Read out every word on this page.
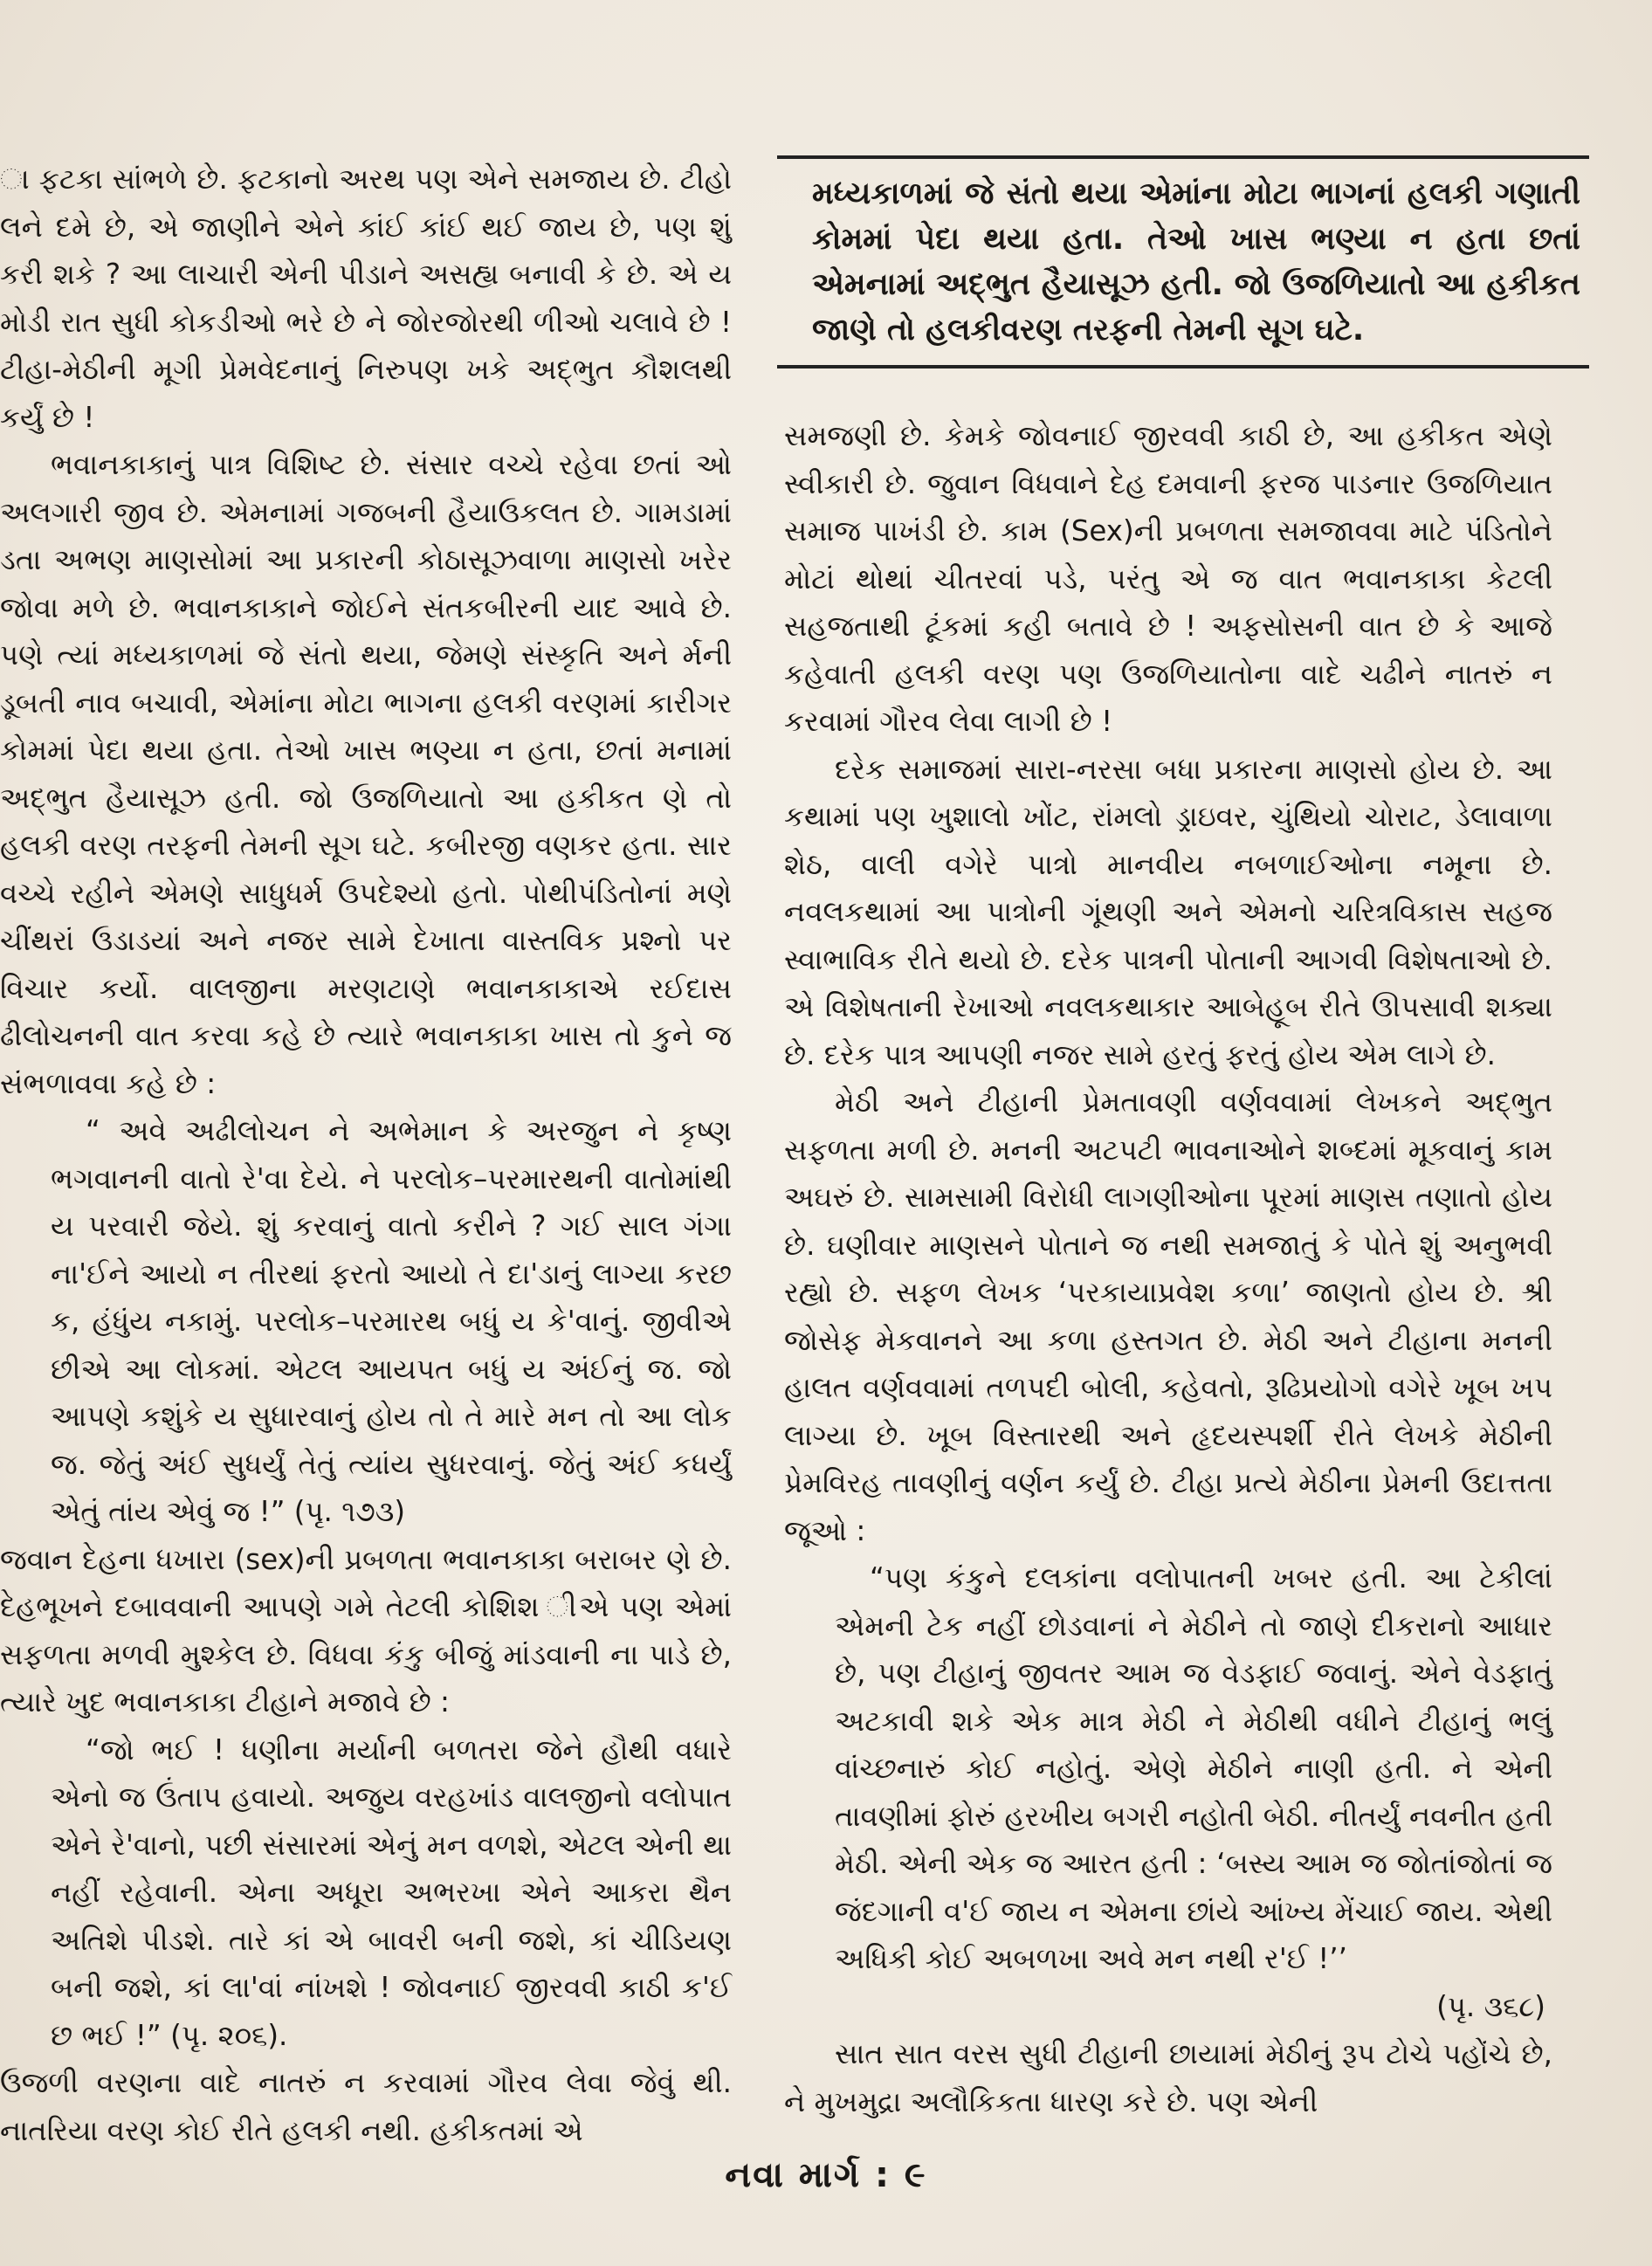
ા ફટકા સાંભળે છે. ફટકાનો અરથ પણ એને સમજાય છે. ટીહો લને દમે છે, એ જાણીને એને કાંઈ કાંઈ થઈ જાય છે, પણ શું કરી શકે ? આ લાચારી એની પીડાને અસહ્ય બનાવી કે છે. એ ય મોડી રાત સુધી કોકડીઓ ભરે છે ને જોરજોરથી ળીઓ ચલાવે છે ! ટીહા-મેઠીની મૂગી પ્રેમવેદનાનું નિરુપણ ખકે અદ્ભુત કૌશલથી કર્યું છે !

ભવાનકાકાનું પાત્ર વિશિષ્ટ છે. સંસાર વચ્ચે રહેવા છતાં ઓ અલગારી જીવ છે. એમનામાં ગજબની હૈયાઉકલત છે. ગામડામાં ડતા અભણ માણસોમાં આ પ્રકારની કોઠાસૂઝવાળા માણસો ખરેર જોવા મળે છે. ભવાનકાકાને જોઈને સંતકબીરની યાદ આવે છે. પણે ત્યાં મધ્યકાળમાં જે સંતો થયા, જેમણે સંસ્કૃતિ અને ર્મની ડૂબતી નાવ બચાવી, એમાંના મોટા ભાગના હલકી વરણમાં કારીગર કોમમાં પેદા થયા હતા. તેઓ ખાસ ભણ્યા ન હતા, છતાં મનામાં અદ્ભુત હૈયાસૂઝ હતી. જો ઉજળિયાતો આ હકીકત ણે તો હલકી વરણ તરફની તેમની સૂગ ઘટે. કબીરજી વણકર હતા. સાર વચ્ચે રહીને એમણે સાધુધર્મ ઉપદેશ્યો હતો. પોથીપંડિતોનાં મણે ચીંથરાં ઉડાડયાં અને નજર સામે દેખાતા વાસ્તવિક પ્રશ્નો પર વિચાર કર્યો. વાલજીના મરણટાણે ભવાનકાકાએ રઈદાસ ઢીલોચનની વાત કરવા કહે છે ત્યારે ભવાનકાકા ખાસ તો કુને જ સંભળાવવા કહે છે :

“ અવે અઢીલોચન ને અભેમાન કે અરજુન ને કૃષ્ણ ભગવાનની વાતો રે'વા દેયે. ને પરલોક–પરમારથની વાતોમાંથી ય પરવારી જેયે. શું કરવાનું વાતો કરીને ? ગઈ સાલ ગંગા ના'ઈને આયો ન તીરથાં ફરતો આયો તે દા'ડાનું લાગ્યા કરછ ક, હંધુંય નકામું. પરલોક–પરમારથ બધું ય કે'વાનું. જીવીએ છીએ આ લોકમાં. એટલ આયપત બધું ય અંઈનું જ. જો આપણે કશુંકે ય સુધારવાનું હોય તો તે મારે મન તો આ લોક જ. જેતું અંઈ સુધર્યું તેતું ત્યાંય સુધરવાનું. જેતું અંઈ કધર્યું એતું તાંય એવું જ !” (પૃ. ૧૭૩)

જવાન દેહના ધખારા (sex)ની પ્રબળતા ભવાનકાકા બરાબર ણે છે. દેહભૂખને દબાવવાની આપણે ગમે તેટલી કોશિશ ીએ પણ એમાં સફળતા મળવી મુશ્કેલ છે. વિધવા કંકુ બીજું માંડવાની ના પાડે છે, ત્યારે ખુદ ભવાનકાકા ટીહાને મજાવે છે :

“જો ભઈ ! ધણીના મર્યાની બળતરા જેને હૌથી વધારે એનો જ ઉંતાપ હવાયો. અજુય વરહખાંડ વાલજીનો વલોપાત એને રે'વાનો, પછી સંસારમાં એનું મન વળશે, એટલ એની થા નહીં રહેવાની. એના અધૂરા અભરખા એને આકરા થૈન અતિશે પીડશે. તારે કાં એ બાવરી બની જશે, કાં ચીડિયણ બની જશે, કાં લા'વાં નાંખશે ! જોવનાઈ જીરવવી કાઠી ક'ઈ છ ભઈ !” (પૃ. ૨૦૬).

ઉજળી વરણના વાદે નાતરું ન કરવામાં ગૌરવ લેવા જેવું થી. નાતરિયા વરણ કોઈ રીતે હલકી નથી. હકીકતમાં એ

મધ્યકાળમાં જે સંતો થયા એમાંના મોટા ભાગનાં હલકી ગણાતી કોમમાં પેદા થયા હતા. તેઓ ખાસ ભણ્યા ન હતા છતાં એમનામાં અદ્ભુત હૈયાસૂઝ હતી. જો ઉજળિયાતો આ હકીકત જાણે તો હલકીવરણ તરફની તેમની સૂગ ઘટે.

સમજણી છે. કેમકે જોવનાઈ જીરવવી કાઠી છે, આ હકીકત એણે સ્વીકારી છે. જુવાન વિધવાને દેહ દમવાની ફરજ પાડનાર ઉજળિયાત સમાજ પાખંડી છે. કામ (Sex)ની પ્રબળતા સમજાવવા માટે પંડિતોને મોટાં થોથાં ચીતરવાં પડે, પરંતુ એ જ વાત ભવાનકાકા કેટલી સહજતાથી ટૂંકમાં કહી બતાવે છે ! અફસોસની વાત છે કે આજે કહેવાતી હલકી વરણ પણ ઉજળિયાતોના વાદે ચઢીને નાતરું ન કરવામાં ગૌરવ લેવા લાગી છે !

દરેક સમાજમાં સારા-નરસા બધા પ્રકારના માણસો હોય છે. આ કથામાં પણ ખુશાલો ખોંટ, રાંમલો ડ્રાઇવર, ચુંથિયો ચોરાટ, ડેલાવાળા શેઠ, વાલી વગેરે પાત્રો માનવીય નબળાઈઓના નમૂના છે. નવલકથામાં આ પાત્રોની ગૂંથણી અને એમનો ચરિત્રવિકાસ સહજ સ્વાભાવિક રીતે થયો છે. દરેક પાત્રની પોતાની આગવી વિશેષતાઓ છે. એ વિશેષતાની રેખાઓ નવલકથાકાર આબેહૂબ રીતે ઊપસાવી શક્યા છે. દરેક પાત્ર આપણી નજર સામે હરતું ફરતું હોય એમ લાગે છે.

મેઠી અને ટીહાની પ્રેમતાવણી વર્ણવવામાં લેખકને અદ્ભુત સફળતા મળી છે. મનની અટપટી ભાવનાઓને શબ્દમાં મૂકવાનું કામ અઘરું છે. સામસામી વિરોધી લાગણીઓના પૂરમાં માણસ તણાતો હોય છે. ઘણીવાર માણસને પોતાને જ નથી સમજાતું કે પોતે શું અનુભવી રહ્યો છે. સફળ લેખક ‘પરકાયાપ્રવેશ કળા’ જાણતો હોય છે. શ્રી જોસેફ મેકવાનને આ કળા હસ્તગત છે. મેઠી અને ટીહાના મનની હાલત વર્ણવવામાં તળપદી બોલી, કહેવતો, રૂઢિપ્રયોગો વગેરે ખૂબ ખપ લાગ્યા છે. ખૂબ વિસ્તારથી અને હૃદયસ્પર્શી રીતે લેખકે મેઠીની પ્રેમવિરહ તાવણીનું વર્ણન કર્યું છે. ટીહા પ્રત્યે મેઠીના પ્રેમની ઉદાત્તતા જૂઓ :

“પણ કંકુને દલકાંના વલોપાતની ખબર હતી. આ ટેકીલાં એમની ટેક નહીં છોડવાનાં ને મેઠીને તો જાણે દીકરાનો આધાર છે, પણ ટીહાનું જીવતર આમ જ વેડફાઈ જવાનું. એને વેડફાતું અટકાવી શકે એક માત્ર મેઠી ને મેઠીથી વધીને ટીહાનું ભલું વાંચ્છનારું કોઈ નહોતું. એણે મેઠીને નાણી હતી. ને એની તાવણીમાં ફોરું હરખીય બગરી નહોતી બેઠી. નીતર્યું નવનીત હતી મેઠી. એની એક જ આરત હતી : ‘બસ્ય આમ જ જોતાંજોતાં જ જંદગાની વ'ઈ જાય ન એમના છાંયે આંખ્ય મેંચાઈ જાય. એથી અધિકી કોઈ અબળખા અવે મન નથી ર'ઈ !’’

(પૃ. ૩૬૮)

સાત સાત વરસ સુધી ટીહાની છાયામાં મેઠીનું રૂપ ટોચે પહોંચે છે, ને મુખમુદ્રા અલૌકિકતા ધારણ કરે છે. પણ એની

નવા માર્ગ : ૯
